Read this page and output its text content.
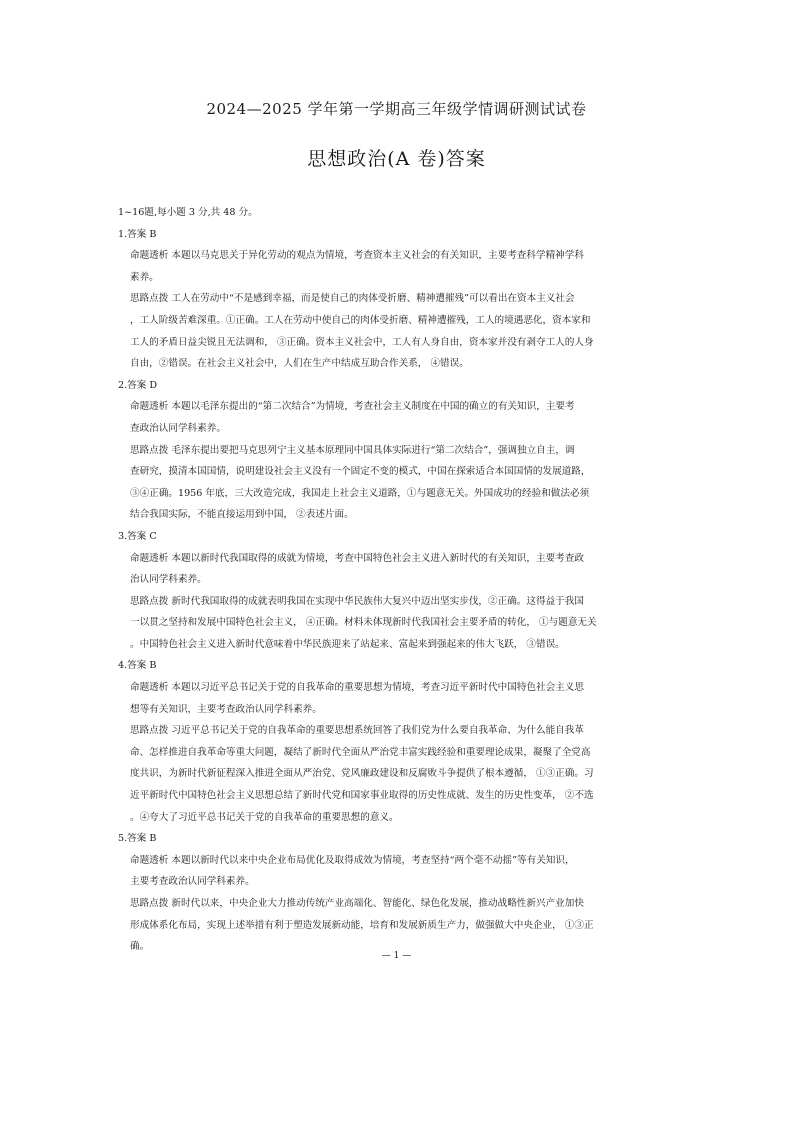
2024—2025 学年第一学期高三年级学情调研测试试卷
思想政治(A 卷)答案
1~16题,每小题 3 分,共 48 分。
1.答案 B
命题透析 本题以马克思关于异化劳动的观点为情境，考查资本主义社会的有关知识，主要考查科学精神学科
素养。
思路点拨 工人在劳动中“不是感到幸福，而是使自己的肉体受折磨、精神遭摧残”可以看出在资本主义社会
，工人阶级苦难深重。①正确。工人在劳动中使自己的肉体受折磨、精神遭摧残，工人的境遇恶化，资本家和
工人的矛盾日益尖锐且无法调和， ③正确。资本主义社会中，工人有人身自由，资本家并没有剥夺工人的人身
自由，②错误。在社会主义社会中，人们在生产中结成互助合作关系， ④错误。
2.答案 D
命题透析 本题以毛泽东提出的“第二次结合”为情境，考查社会主义制度在中国的确立的有关知识，主要考
查政治认同学科素养。
思路点拨 毛泽东提出要把马克思列宁主义基本原理同中国具体实际进行“第二次结合”，强调独立自主，调
查研究，摸清本国国情，说明建设社会主义没有一个固定不变的模式，中国在探索适合本国国情的发展道路，
③④正确。1956 年底，三大改造完成，我国走上社会主义道路，①与题意无关。外国成功的经验和做法必须
结合我国实际，不能直接运用到中国， ②表述片面。
3.答案 C
命题透析 本题以新时代我国取得的成就为情境，考查中国特色社会主义进入新时代的有关知识，主要考查政
治认同学科素养。
思路点拨 新时代我国取得的成就表明我国在实现中华民族伟大复兴中迈出坚实步伐，②正确。这得益于我国
一以贯之坚持和发展中国特色社会主义， ④正确。材料未体现新时代我国社会主要矛盾的转化， ①与题意无关
。中国特色社会主义进入新时代意味着中华民族迎来了站起来、富起来到强起来的伟大飞跃， ③错误。
4.答案 B
命题透析 本题以习近平总书记关于党的自我革命的重要思想为情境，考查习近平新时代中国特色社会主义思
想等有关知识，主要考查政治认同学科素养。
思路点拨 习近平总书记关于党的自我革命的重要思想系统回答了我们党为什么要自我革命、为什么能自我革
命、怎样推进自我革命等重大问题，凝结了新时代全面从严治党丰富实践经验和重要理论成果，凝聚了全党高
度共识，为新时代新征程深入推进全面从严治党、党风廉政建设和反腐败斗争提供了根本遵循， ①③正确。习
近平新时代中国特色社会主义思想总结了新时代党和国家事业取得的历史性成就、发生的历史性变革， ②不选
。④夸大了习近平总书记关于党的自我革命的重要思想的意义。
5.答案 B
命题透析 本题以新时代以来中央企业布局优化及取得成效为情境，考查坚持“两个毫不动摇”等有关知识，
主要考查政治认同学科素养。
思路点拨 新时代以来，中央企业大力推动传统产业高端化、智能化、绿色化发展，推动战略性新兴产业加快
形成体系化布局，实现上述举措有利于塑造发展新动能，培育和发展新质生产力，做强做大中央企业， ①③正
确。
— 1 —
